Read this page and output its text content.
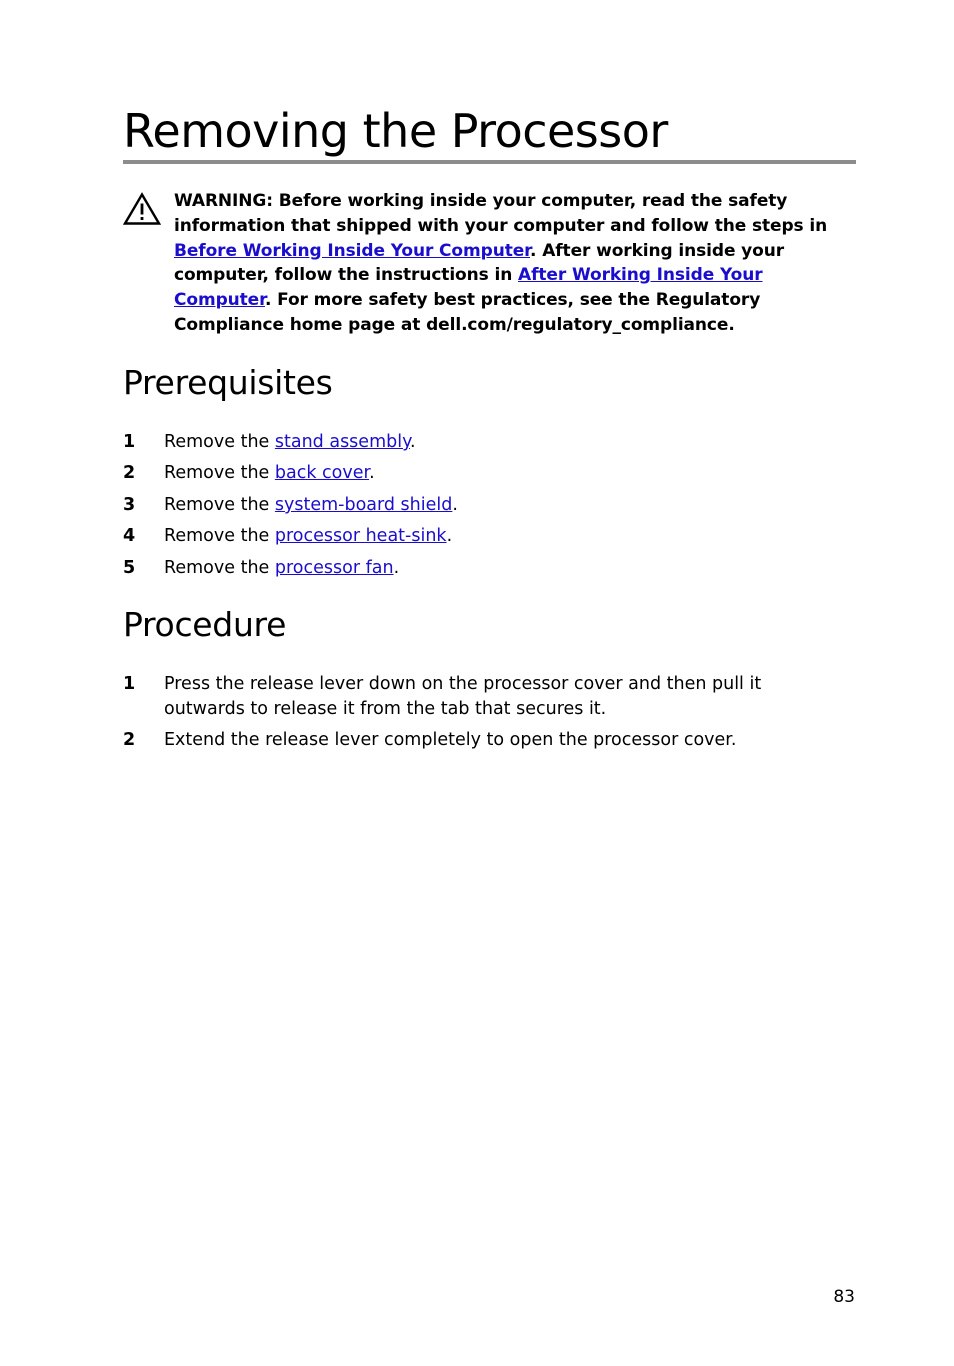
Removing the Processor
WARNING: Before working inside your computer, read the safety information that shipped with your computer and follow the steps in Before Working Inside Your Computer. After working inside your computer, follow the instructions in After Working Inside Your Computer. For more safety best practices, see the Regulatory Compliance home page at dell.com/regulatory_compliance.
Prerequisites
1 Remove the stand assembly.
2 Remove the back cover.
3 Remove the system-board shield.
4 Remove the processor heat-sink.
5 Remove the processor fan.
Procedure
1 Press the release lever down on the processor cover and then pull it outwards to release it from the tab that secures it.
2 Extend the release lever completely to open the processor cover.
83
